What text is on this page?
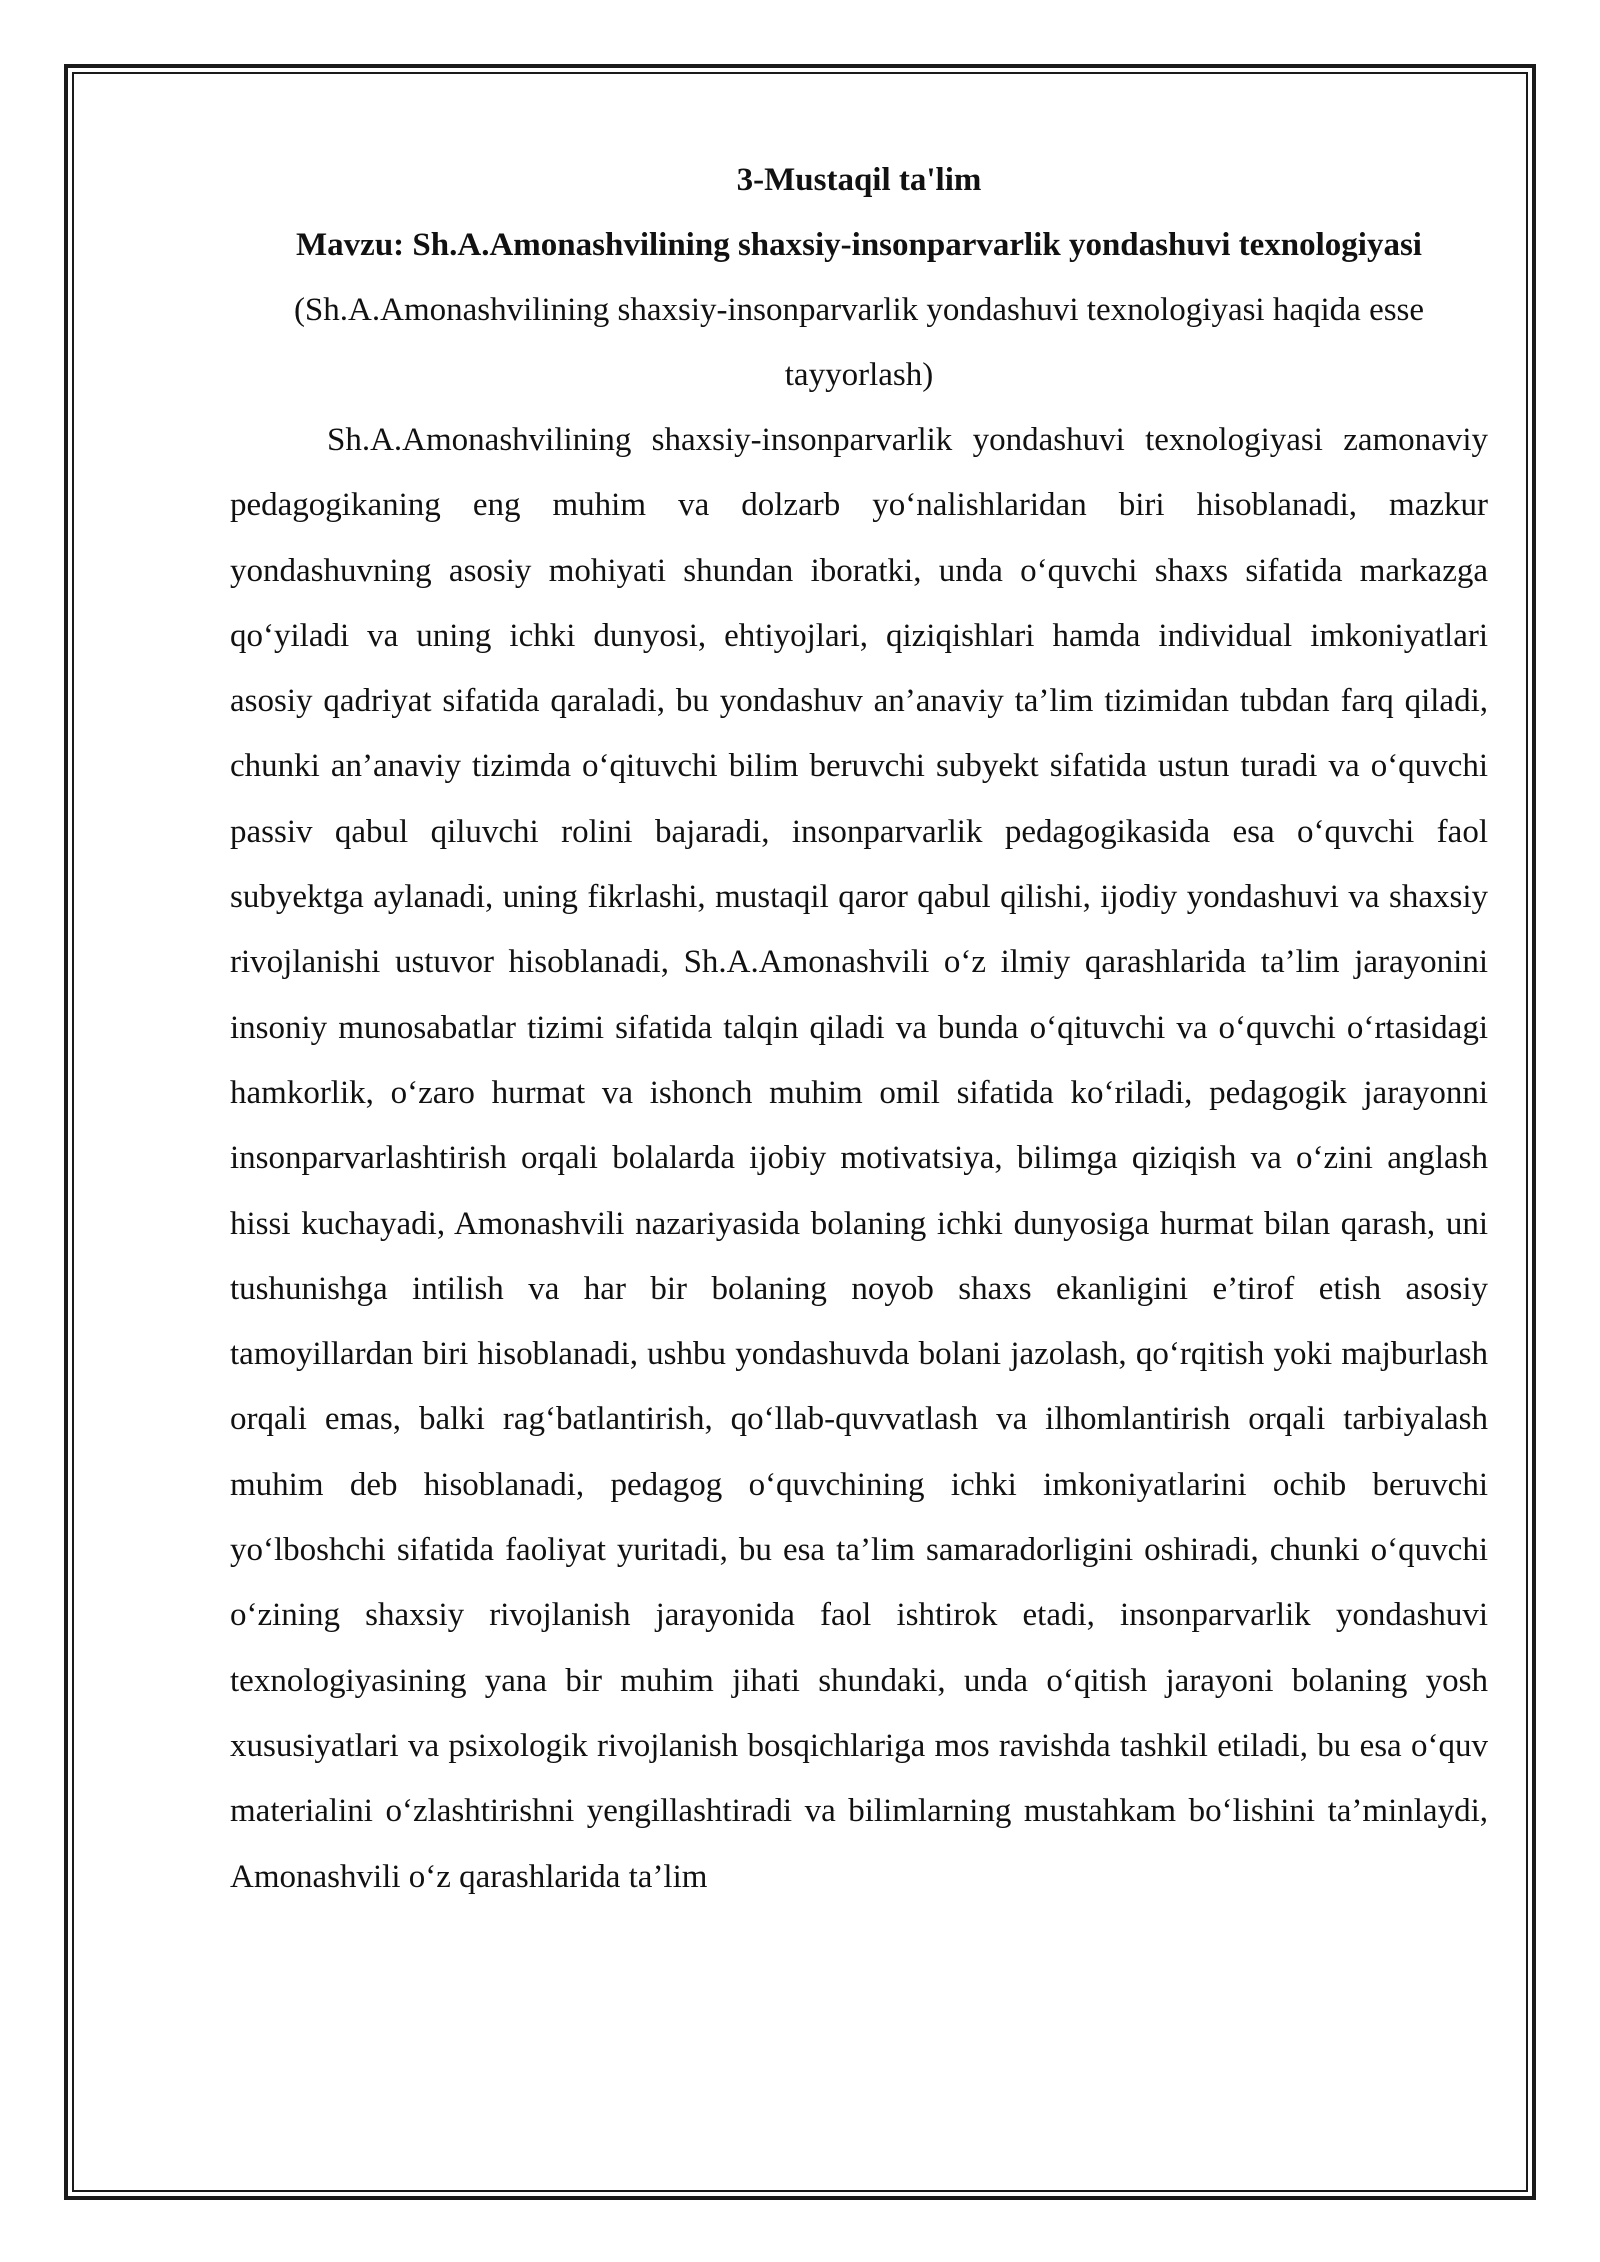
3-Mustaqil ta'lim
Mavzu: Sh.A.Amonashvilining shaxsiy-insonparvarlik yondashuvi texnologiyasi

(Sh.A.Amonashvilining shaxsiy-insonparvarlik yondashuvi texnologiyasi haqida esse tayyorlash)

Sh.A.Amonashvilining shaxsiy-insonparvarlik yondashuvi texnologiyasi zamonaviy pedagogikaning eng muhim va dolzarb yo‘nalishlaridan biri hisoblanadi, mazkur yondashuvning asosiy mohiyati shundan iboratki, unda o‘quvchi shaxs sifatida markazga qo‘yiladi va uning ichki dunyosi, ehtiyojlari, qiziqishlari hamda individual imkoniyatlari asosiy qadriyat sifatida qaraladi, bu yondashuv an’anaviy ta’lim tizimidan tubdan farq qiladi, chunki an’anaviy tizimda o‘qituvchi bilim beruvchi subyekt sifatida ustun turadi va o‘quvchi passiv qabul qiluvchi rolini bajaradi, insonparvarlik pedagogikasida esa o‘quvchi faol subyektga aylanadi, uning fikrlashi, mustaqil qaror qabul qilishi, ijodiy yondashuvi va shaxsiy rivojlanishi ustuvor hisoblanadi, Sh.A.Amonashvili o‘z ilmiy qarashlarida ta’lim jarayonini insoniy munosabatlar tizimi sifatida talqin qiladi va bunda o‘qituvchi va o‘quvchi o‘rtasidagi hamkorlik, o‘zaro hurmat va ishonch muhim omil sifatida ko‘riladi, pedagogik jarayonni insonparvarlashtirish orqali bolalarda ijobiy motivatsiya, bilimga qiziqish va o‘zini anglash hissi kuchayadi, Amonashvili nazariyasida bolaning ichki dunyosiga hurmat bilan qarash, uni tushunishga intilish va har bir bolaning noyob shaxs ekanligini e’tirof etish asosiy tamoyillardan biri hisoblanadi, ushbu yondashuvda bolani jazolash, qo‘rqitish yoki majburlash orqali emas, balki rag‘batlantirish, qo‘llab-quvvatlash va ilhomlantirish orqali tarbiyalash muhim deb hisoblanadi, pedagog o‘quvchining ichki imkoniyatlarini ochib beruvchi yo‘lboshchi sifatida faoliyat yuritadi, bu esa ta’lim samaradorligini oshiradi, chunki o‘quvchi o‘zining shaxsiy rivojlanish jarayonida faol ishtirok etadi, insonparvarlik yondashuvi texnologiyasining yana bir muhim jihati shundaki, unda o‘qitish jarayoni bolaning yosh xususiyatlari va psixologik rivojlanish bosqichlariga mos ravishda tashkil etiladi, bu esa o‘quv materialini o‘zlashtirishni yengillashtiradi va bilimlarning mustahkam bo‘lishini ta’minlaydi, Amonashvili o‘z qarashlarida ta’lim
